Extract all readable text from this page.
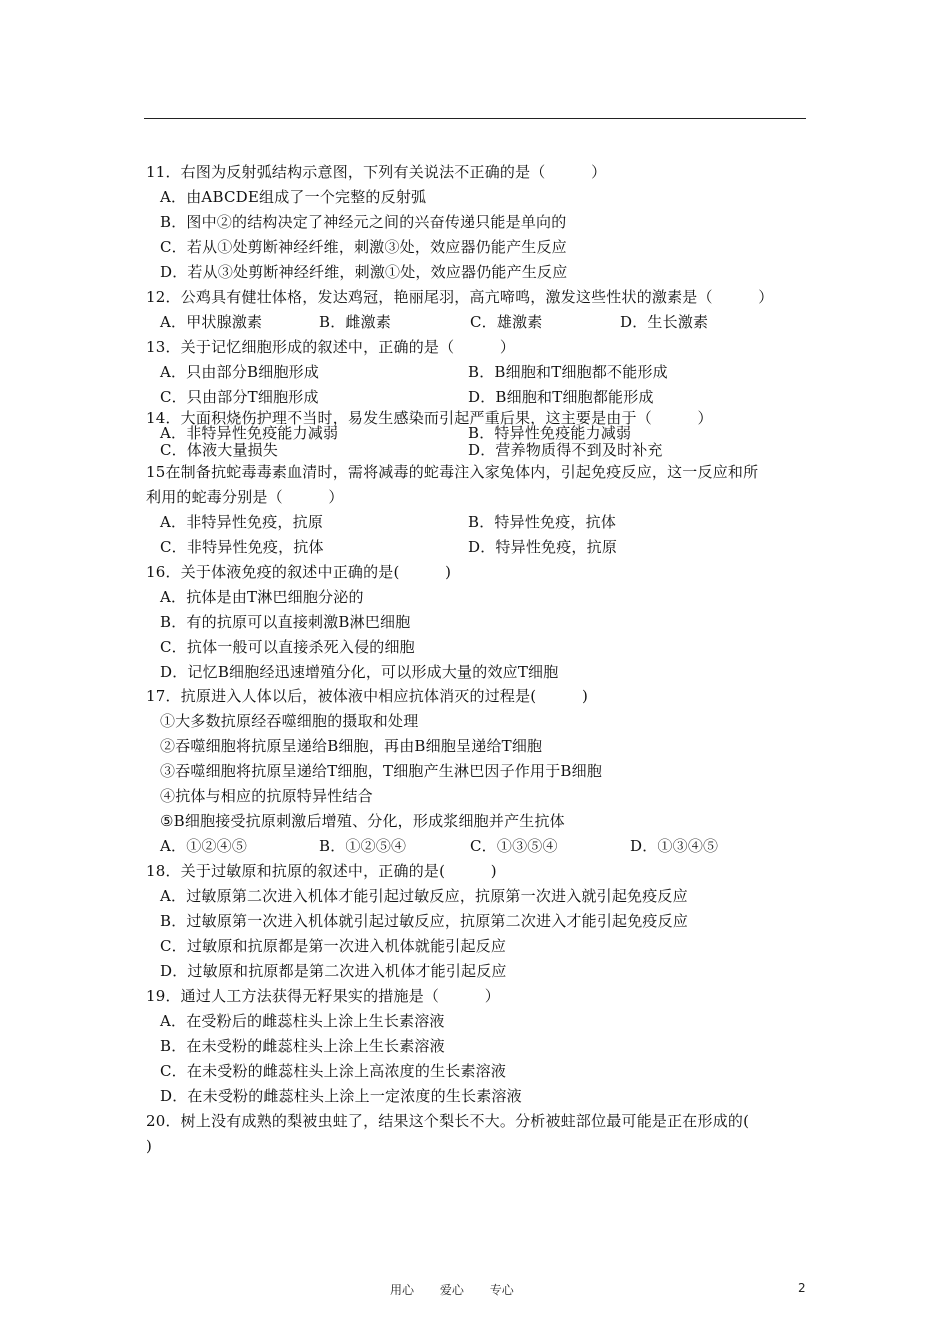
11．右图为反射弧结构示意图，下列有关说法不正确的是（　　　）
A．由ABCDE组成了一个完整的反射弧
B．图中②的结构决定了神经元之间的兴奋传递只能是单向的
C．若从①处剪断神经纤维，刺激③处，效应器仍能产生反应
D．若从③处剪断神经纤维，刺激①处，效应器仍能产生反应
12．公鸡具有健壮体格，发达鸡冠，艳丽尾羽，高亢啼鸣，激发这些性状的激素是（　　　）
A．甲状腺激素	B．雌激素	C．雄激素	D．生长激素
13．关于记忆细胞形成的叙述中，正确的是（　　　）
A．只由部分B细胞形成	B．B细胞和T细胞都不能形成
C．只由部分T细胞形成	D．B细胞和T细胞都能形成
14．大面积烧伤护理不当时，易发生感染而引起严重后果，这主要是由于（　　　）
A．非特异性免疫能力减弱	B．特异性免疫能力减弱
C．体液大量损失	D．营养物质得不到及时补充
15在制备抗蛇毒毒素血清时，需将减毒的蛇毒注入家兔体内，引起免疫反应，这一反应和所
利用的蛇毒分别是（　　　）
A．非特异性免疫，抗原	B．特异性免疫，抗体
C．非特异性免疫，抗体	D．特异性免疫，抗原
16．关于体液免疫的叙述中正确的是(　　　)
A．抗体是由T淋巴细胞分泌的
B．有的抗原可以直接刺激B淋巴细胞
C．抗体一般可以直接杀死入侵的细胞
D．记忆B细胞经迅速增殖分化，可以形成大量的效应T细胞
17．抗原进入人体以后，被体液中相应抗体消灭的过程是(　　　)
①大多数抗原经吞噬细胞的摄取和处理
②吞噬细胞将抗原呈递给B细胞，再由B细胞呈递给T细胞
③吞噬细胞将抗原呈递给T细胞，T细胞产生淋巴因子作用于B细胞
④抗体与相应的抗原特异性结合
⑤B细胞接受抗原刺激后增殖、分化，形成浆细胞并产生抗体
A．①②④⑤	B．①②⑤④	C．①③⑤④	D．①③④⑤
18．关于过敏原和抗原的叙述中，正确的是(　　　)
A．过敏原第二次进入机体才能引起过敏反应，抗原第一次进入就引起免疫反应
B．过敏原第一次进入机体就引起过敏反应，抗原第二次进入才能引起免疫反应
C．过敏原和抗原都是第一次进入机体就能引起反应
D．过敏原和抗原都是第二次进入机体才能引起反应
19．通过人工方法获得无籽果实的措施是（　　　）
A．在受粉后的雌蕊柱头上涂上生长素溶液
B．在未受粉的雌蕊柱头上涂上生长素溶液
C．在未受粉的雌蕊柱头上涂上高浓度的生长素溶液
D．在未受粉的雌蕊柱头上涂上一定浓度的生长素溶液
20．树上没有成熟的梨被虫蛀了，结果这个梨长不大。分析被蛀部位最可能是正在形成的(
)
用心 爱心 专心	2
